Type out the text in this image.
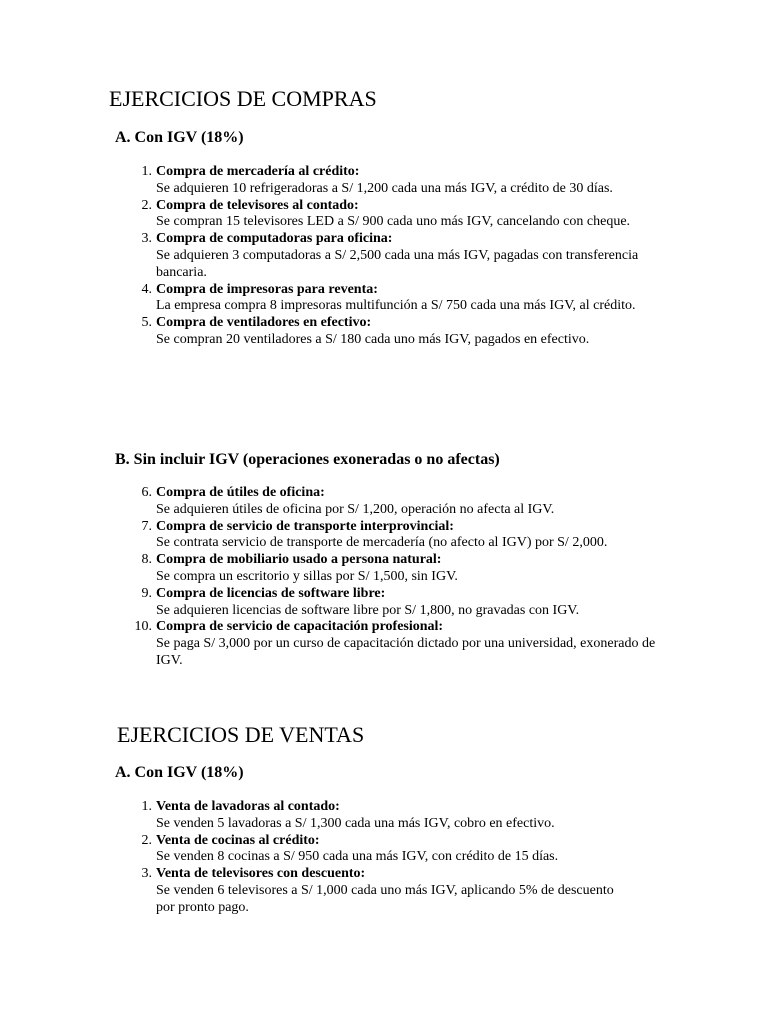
EJERCICIOS DE COMPRAS
A. Con IGV (18%)
1. Compra de mercadería al crédito:
Se adquieren 10 refrigeradoras a S/ 1,200 cada una más IGV, a crédito de 30 días.
2. Compra de televisores al contado:
Se compran 15 televisores LED a S/ 900 cada uno más IGV, cancelando con cheque.
3. Compra de computadoras para oficina:
Se adquieren 3 computadoras a S/ 2,500 cada una más IGV, pagadas con transferencia bancaria.
4. Compra de impresoras para reventa:
La empresa compra 8 impresoras multifunción a S/ 750 cada una más IGV, al crédito.
5. Compra de ventiladores en efectivo:
Se compran 20 ventiladores a S/ 180 cada uno más IGV, pagados en efectivo.
B. Sin incluir IGV (operaciones exoneradas o no afectas)
6. Compra de útiles de oficina:
Se adquieren útiles de oficina por S/ 1,200, operación no afecta al IGV.
7. Compra de servicio de transporte interprovincial:
Se contrata servicio de transporte de mercadería (no afecto al IGV) por S/ 2,000.
8. Compra de mobiliario usado a persona natural:
Se compra un escritorio y sillas por S/ 1,500, sin IGV.
9. Compra de licencias de software libre:
Se adquieren licencias de software libre por S/ 1,800, no gravadas con IGV.
10. Compra de servicio de capacitación profesional:
Se paga S/ 3,000 por un curso de capacitación dictado por una universidad, exonerado de IGV.
EJERCICIOS DE VENTAS
A. Con IGV (18%)
1. Venta de lavadoras al contado:
Se venden 5 lavadoras a S/ 1,300 cada una más IGV, cobro en efectivo.
2. Venta de cocinas al crédito:
Se venden 8 cocinas a S/ 950 cada una más IGV, con crédito de 15 días.
3. Venta de televisores con descuento:
Se venden 6 televisores a S/ 1,000 cada uno más IGV, aplicando 5% de descuento por pronto pago.
